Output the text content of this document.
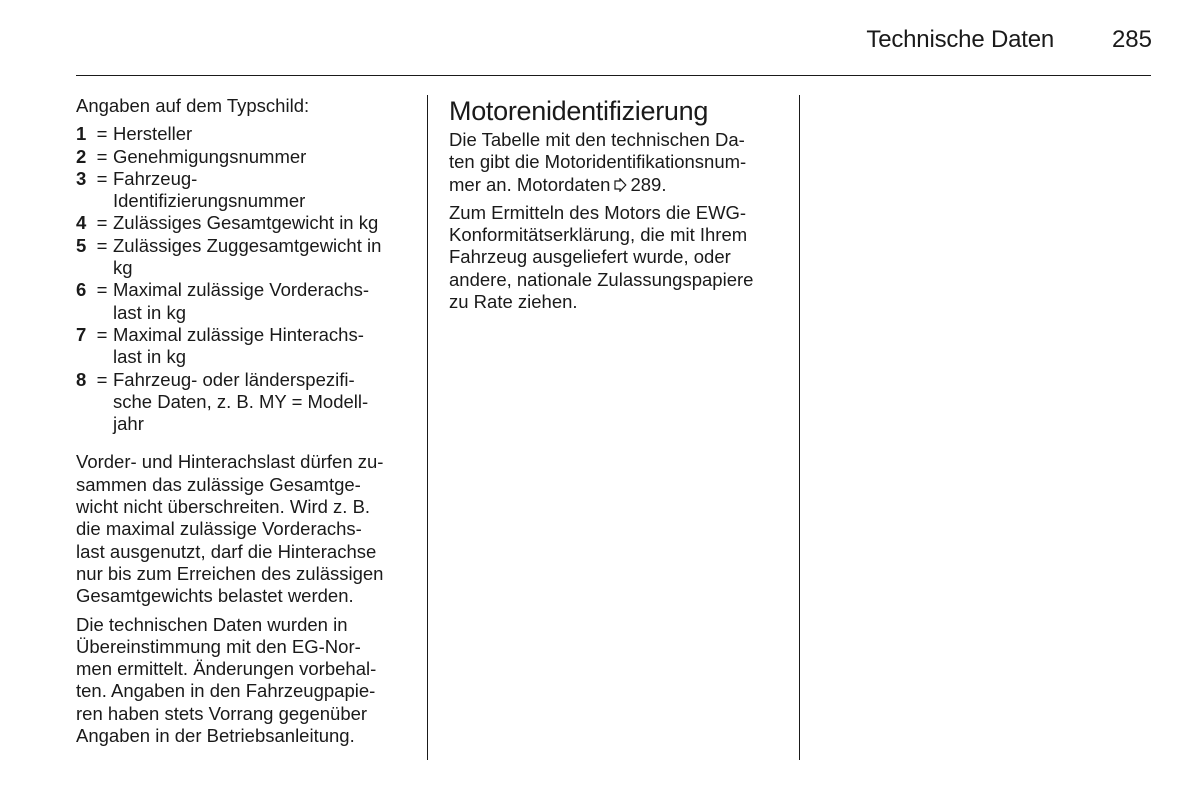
Technische Daten 285

Angaben auf dem Typschild:

1 = Hersteller
2 = Genehmigungsnummer
3 = Fahrzeug-
Identifizierungsnummer
4 = Zulässiges Gesamtgewicht in kg
5 = Zulässiges Zuggesamtgewicht in
kg
6 = Maximal zulässige Vorderachs-
last in kg
7 = Maximal zulässige Hinterachs-
last in kg
8 = Fahrzeug- oder länderspezifi-
sche Daten, z. B. MY = Modell-
jahr

Vorder- und Hinterachslast dürfen zu-
sammen das zulässige Gesamtge-
wicht nicht überschreiten. Wird z. B.
die maximal zulässige Vorderachs-
last ausgenutzt, darf die Hinterachse
nur bis zum Erreichen des zulässigen
Gesamtgewichts belastet werden.

Die technischen Daten wurden in
Übereinstimmung mit den EG-Nor-
men ermittelt. Änderungen vorbehal-
ten. Angaben in den Fahrzeugpapie-
ren haben stets Vorrang gegenüber
Angaben in der Betriebsanleitung.

Motorenidentifizierung

Die Tabelle mit den technischen Da-
ten gibt die Motoridentifikationsnum-
mer an. Motordaten 289.

Zum Ermitteln des Motors die EWG-
Konformitätserklärung, die mit Ihrem
Fahrzeug ausgeliefert wurde, oder
andere, nationale Zulassungspapiere
zu Rate ziehen.
